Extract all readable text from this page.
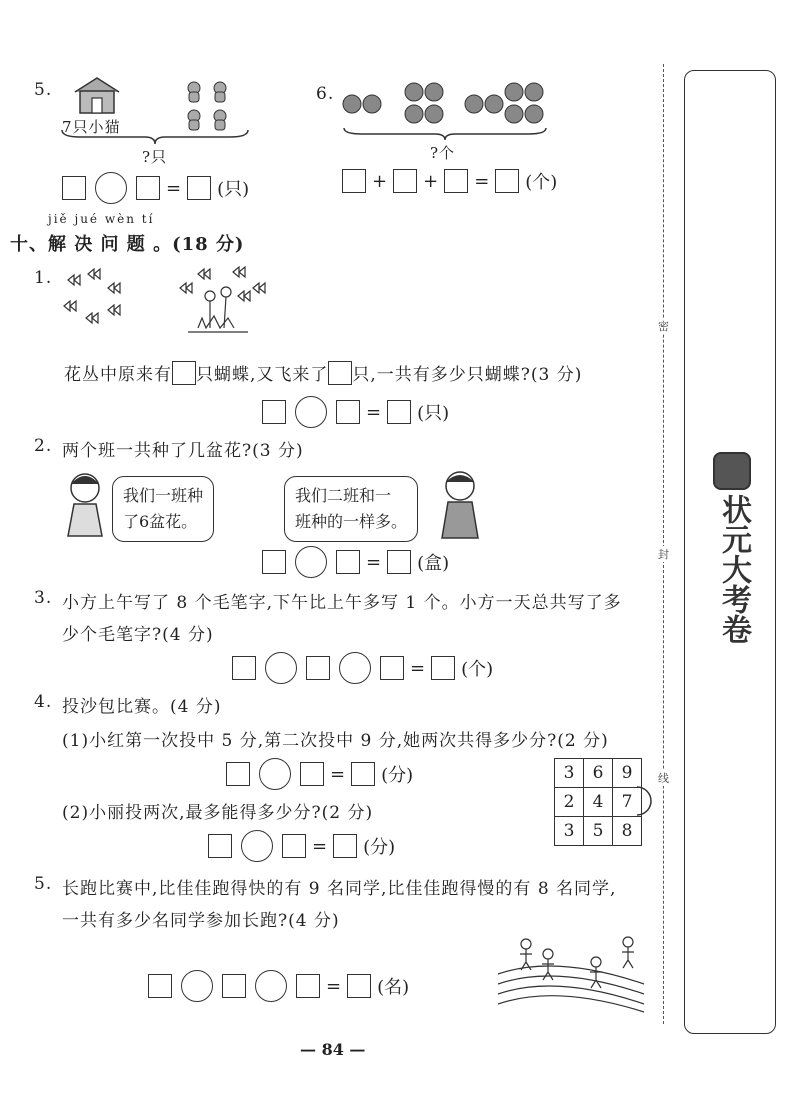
5.
7只小猫
?只
= (只)
6.
?个
+ + = (个)
jiě jué wèn tí
十、解 决 问 题 。(18 分)
1.
花丛中原来有 只蝴蝶,又飞来了 只,一共有多少只蝴蝶?(3 分)
= (只)
2. 两个班一共种了几盆花?(3 分)
我们一班种
了6盆花。
我们二班和一
班种的一样多。
= (盒)
3. 小方上午写了 8 个毛笔字,下午比上午多写 1 个。小方一天总共写了多
少个毛笔字?(4 分)
= (个)
4. 投沙包比赛。(4 分)
(1)小红第一次投中 5 分,第二次投中 9 分,她两次共得多少分?(2 分)
= (分)
(2)小丽投两次,最多能得多少分?(2 分)
= (分)
3	6	9
2	4	7
3	5	8
5. 长跑比赛中,比佳佳跑得快的有 9 名同学,比佳佳跑得慢的有 8 名同学,
一共有多少名同学参加长跑?(4 分)
= (名)
— 84 —
密
封
线
状元大考卷
